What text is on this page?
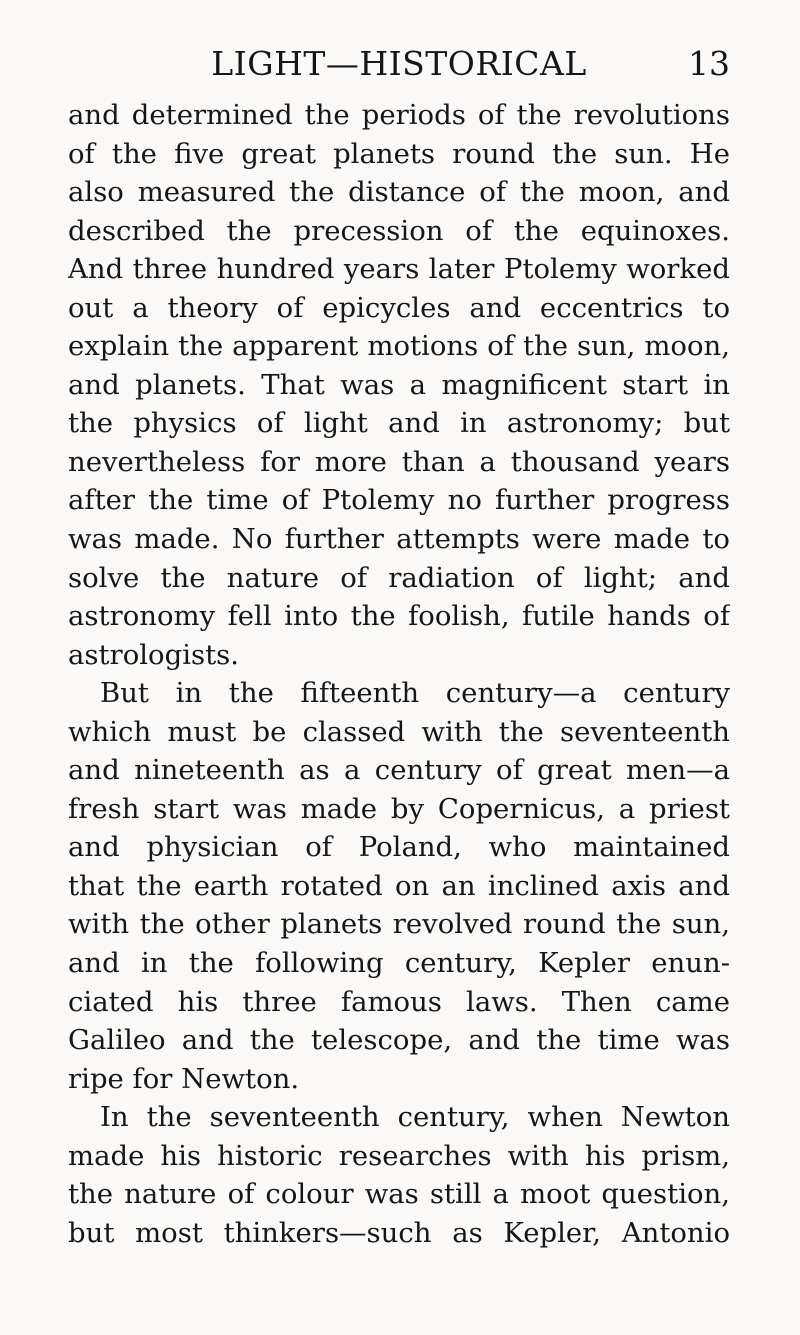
LIGHT—HISTORICAL	13
and determined the periods of the revolutions
of the five great planets round the sun. He
also measured the distance of the moon, and
described the precession of the equinoxes.
And three hundred years later Ptolemy worked
out a theory of epicycles and eccentrics to
explain the apparent motions of the sun, moon,
and planets. That was a magnificent start in
the physics of light and in astronomy; but
nevertheless for more than a thousand years
after the time of Ptolemy no further progress
was made. No further attempts were made to
solve the nature of radiation of light; and
astronomy fell into the foolish, futile hands of
astrologists.
But in the fifteenth century—a century
which must be classed with the seventeenth
and nineteenth as a century of great men—a
fresh start was made by Copernicus, a priest
and physician of Poland, who maintained
that the earth rotated on an inclined axis and
with the other planets revolved round the sun,
and in the following century, Kepler enun-
ciated his three famous laws. Then came
Galileo and the telescope, and the time was
ripe for Newton.
In the seventeenth century, when Newton
made his historic researches with his prism,
the nature of colour was still a moot question,
but most thinkers—such as Kepler, Antonio
